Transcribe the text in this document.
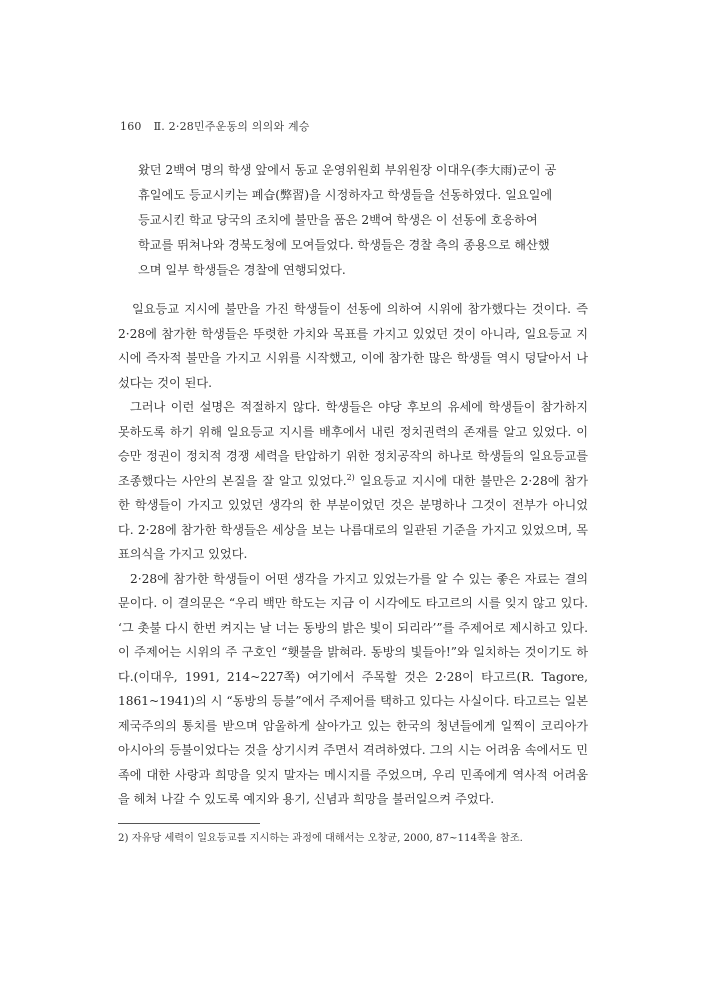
160 Ⅱ. 2·28민주운동의 의의와 계승

왔던 2백여 명의 학생 앞에서 동교 운영위원회 부위원장 이대우(李大雨)군이 공

휴일에도 등교시키는 폐습(弊習)을 시정하자고 학생들을 선동하였다. 일요일에

등교시킨 학교 당국의 조치에 불만을 품은 2백여 학생은 이 선동에 호응하여

학교를 뛰쳐나와 경북도청에 모여들었다. 학생들은 경찰 측의 종용으로 해산했

으며 일부 학생들은 경찰에 연행되었다.

일요등교 지시에 불만을 가진 학생들이 선동에 의하여 시위에 참가했다는 것이다. 즉 2·28에 참가한 학생들은 뚜렷한 가치와 목표를 가지고 있었던 것이 아니라, 일요등교 지시에 즉자적 불만을 가지고 시위를 시작했고, 이에 참가한 많은 학생들 역시 덩달아서 나섰다는 것이 된다.

그러나 이런 설명은 적절하지 않다. 학생들은 야당 후보의 유세에 학생들이 참가하지 못하도록 하기 위해 일요등교 지시를 배후에서 내린 정치권력의 존재를 알고 있었다. 이승만 정권이 정치적 경쟁 세력을 탄압하기 위한 정치공작의 하나로 학생들의 일요등교를 조종했다는 사안의 본질을 잘 알고 있었다.$^{2)}$ 일요등교 지시에 대한 불만은 2·28에 참가한 학생들이 가지고 있었던 생각의 한 부분이었던 것은 분명하나 그것이 전부가 아니었다. 2·28에 참가한 학생들은 세상을 보는 나름대로의 일관된 기준을 가지고 있었으며, 목표의식을 가지고 있었다.

2·28에 참가한 학생들이 어떤 생각을 가지고 있었는가를 알 수 있는 좋은 자료는 결의문이다. 이 결의문은 “우리 백만 학도는 지금 이 시각에도 타고르의 시를 잊지 않고 있다. ‘그 촛불 다시 한번 켜지는 날 너는 동방의 밝은 빛이 되리라’”를 주제어로 제시하고 있다. 이 주제어는 시위의 주 구호인 “횃불을 밝혀라. 동방의 빛들아!”와 일치하는 것이기도 하다.(이대우, 1991, 214~227쪽) 여기에서 주목할 것은 2·28이 타고르(R. Tagore, 1861~1941)의 시 “동방의 등불”에서 주제어를 택하고 있다는 사실이다. 타고르는 일본 제국주의의 통치를 받으며 암울하게 살아가고 있는 한국의 청년들에게 일찍이 코리아가 아시아의 등불이었다는 것을 상기시켜 주면서 격려하였다. 그의 시는 어려움 속에서도 민족에 대한 사랑과 희망을 잊지 말자는 메시지를 주었으며, 우리 민족에게 역사적 어려움을 헤쳐 나갈 수 있도록 예지와 용기, 신념과 희망을 불러일으켜 주었다.

2) 자유당 세력이 일요등교를 지시하는 과정에 대해서는 오창균, 2000, 87~114쪽을 참조.
